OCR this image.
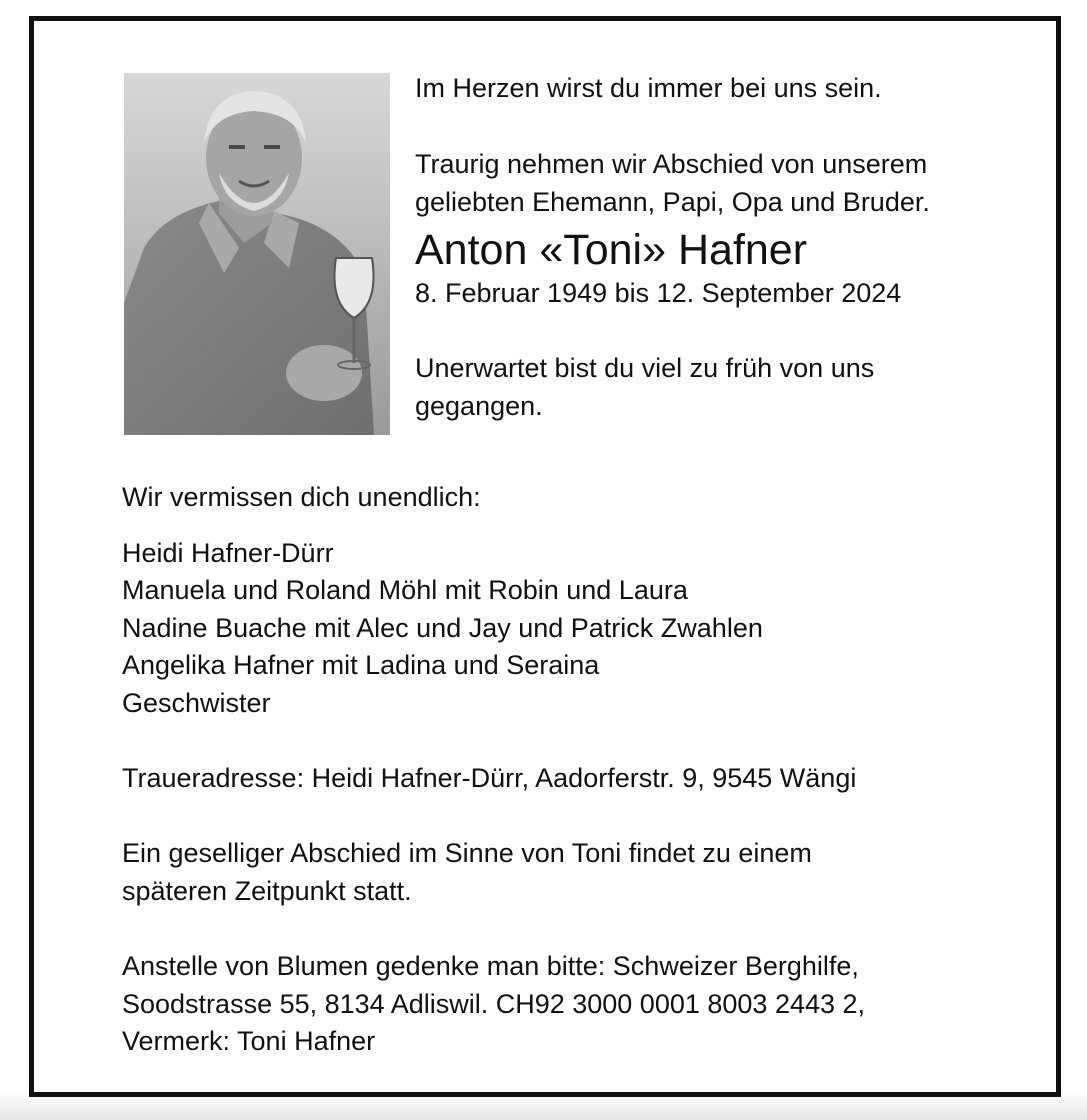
Im Herzen wirst du immer bei uns sein.

Traurig nehmen wir Abschied von unserem

geliebten Ehemann, Papi, Opa und Bruder.

Anton «Toni» Hafner

8. Februar 1949 bis 12. September 2024

Unerwartet bist du viel zu früh von uns

gegangen.

Wir vermissen dich unendlich:

Heidi Hafner-Dürr

Manuela und Roland Möhl mit Robin und Laura

Nadine Buache mit Alec und Jay und Patrick Zwahlen

Angelika Hafner mit Ladina und Seraina

Geschwister

Traueradresse: Heidi Hafner-Dürr, Aadorferstr. 9, 9545 Wängi

Ein geselliger Abschied im Sinne von Toni findet zu einem

späteren Zeitpunkt statt.

Anstelle von Blumen gedenke man bitte: Schweizer Berghilfe,

Soodstrasse 55, 8134 Adliswil. CH92 3000 0001 8003 2443 2,

Vermerk: Toni Hafner
